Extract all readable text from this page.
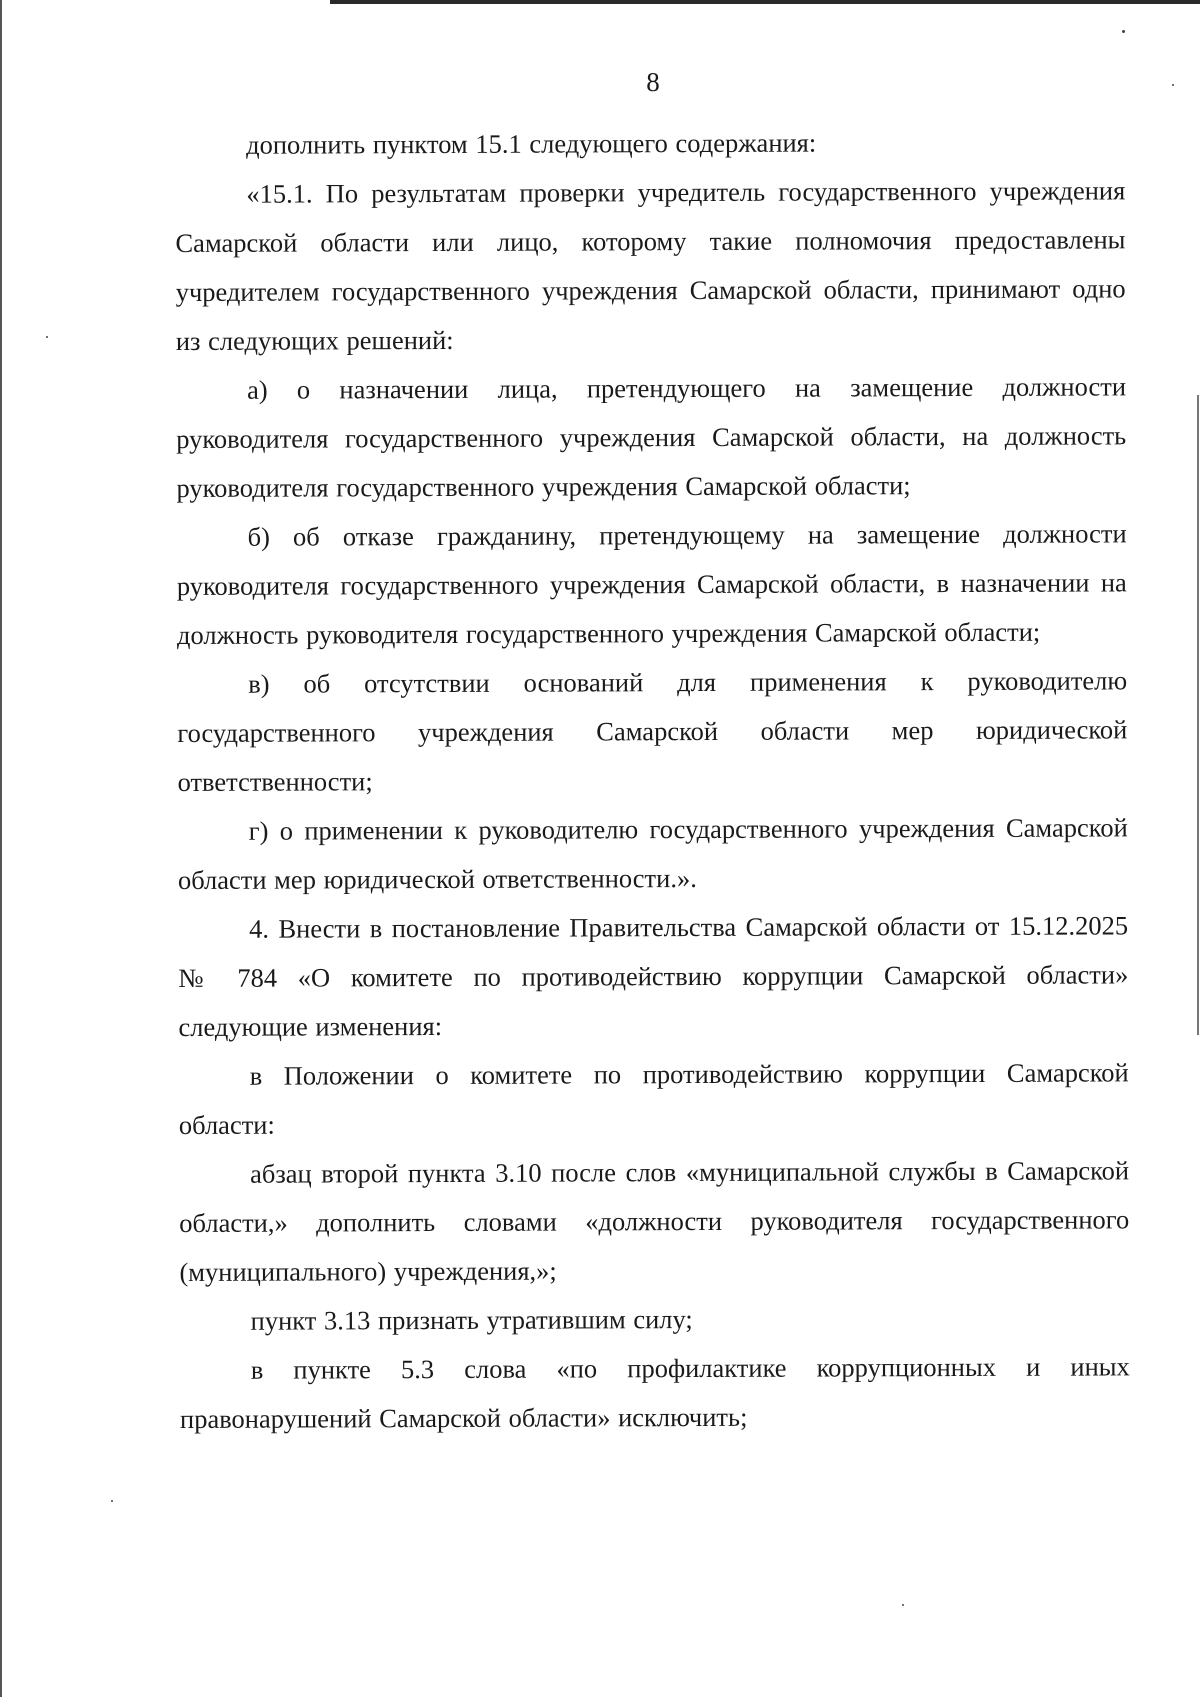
8

дополнить пунктом 15.1 следующего содержания:

«15.1. По результатам проверки учредитель государственного учреждения Самарской области или лицо, которому такие полномочия предоставлены учредителем государственного учреждения Самарской области, принимают одно из следующих решений:

а) о назначении лица, претендующего на замещение должности руководителя государственного учреждения Самарской области, на должность руководителя государственного учреждения Самарской области;

б) об отказе гражданину, претендующему на замещение должности руководителя государственного учреждения Самарской области, в назначении на должность руководителя государственного учреждения Самарской области;

в) об отсутствии оснований для применения к руководителю государственного учреждения Самарской области мер юридической ответственности;

г) о применении к руководителю государственного учреждения Самарской области мер юридической ответственности.».

4. Внести в постановление Правительства Самарской области от 15.12.2025 № 784 «О комитете по противодействию коррупции Самарской области» следующие изменения:

в Положении о комитете по противодействию коррупции Самарской области:

абзац второй пункта 3.10 после слов «муниципальной службы в Самарской области,» дополнить словами «должности руководителя государственного (муниципального) учреждения,»;

пункт 3.13 признать утратившим силу;

в пункте 5.3 слова «по профилактике коррупционных и иных правонарушений Самарской области» исключить;
